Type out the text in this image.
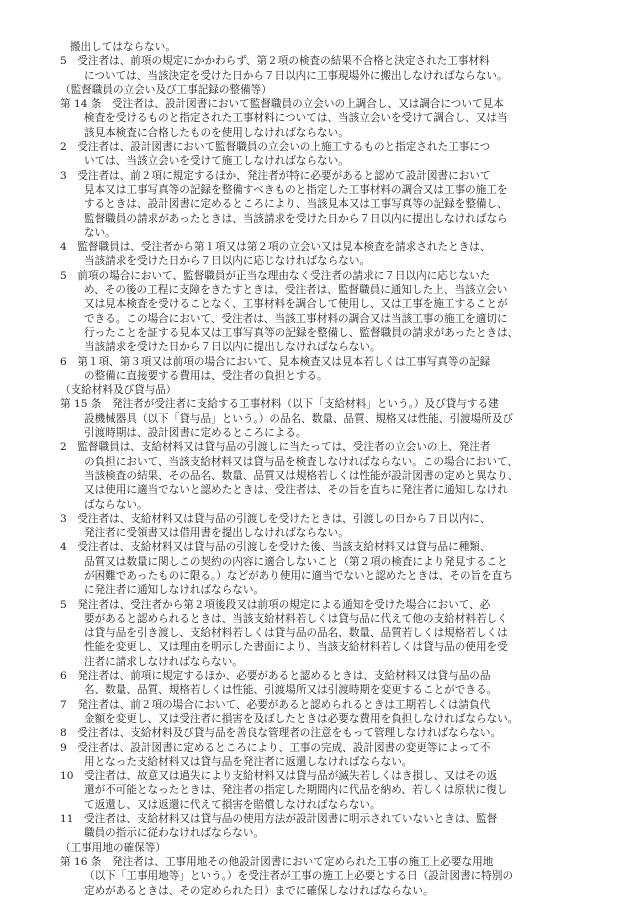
搬出してはならない。
5　受注者は、前項の規定にかかわらず、第２項の検査の結果不合格と決定された工事材料
については、当該決定を受けた日から７日以内に工事現場外に搬出しなければならない。
（監督職員の立会い及び工事記録の整備等）
第 14 条　受注者は、設計図書において監督職員の立会いの上調合し、又は調合について見本
検査を受けるものと指定された工事材料については、当該立会いを受けて調合し、又は当
該見本検査に合格したものを使用しなければならない。
2　受注者は、設計図書において監督職員の立会いの上施工するものと指定された工事につ
いては、当該立会いを受けて施工しなければならない。
3　受注者は、前２項に規定するほか、発注者が特に必要があると認めて設計図書において
見本又は工事写真等の記録を整備すべきものと指定した工事材料の調合又は工事の施工を
するときは、設計図書に定めるところにより、当該見本又は工事写真等の記録を整備し、
監督職員の請求があったときは、当該請求を受けた日から７日以内に提出しなければなら
ない。
4　監督職員は、受注者から第１項又は第２項の立会い又は見本検査を請求されたときは、
当該請求を受けた日から７日以内に応じなければならない。
5　前項の場合において、監督職員が正当な理由なく受注者の請求に７日以内に応じないた
め、その後の工程に支障をきたすときは、受注者は、監督職員に通知した上、当該立会い
又は見本検査を受けることなく、工事材料を調合して使用し、又は工事を施工することが
できる。この場合において、受注者は、当該工事材料の調合又は当該工事の施工を適切に
行ったことを証する見本又は工事写真等の記録を整備し、監督職員の請求があったときは、
当該請求を受けた日から７日以内に提出しなければならない。
6　第１項、第３項又は前項の場合において、見本検査又は見本若しくは工事写真等の記録
の整備に直接要する費用は、受注者の負担とする。
（支給材料及び貸与品）
第 15 条　発注者が受注者に支給する工事材料（以下「支給材料」という。）及び貸与する建
設機械器具（以下「貸与品」という。）の品名、数量、品質、規格又は性能、引渡場所及び
引渡時期は、設計図書に定めるところによる。
2　監督職員は、支給材料又は貸与品の引渡しに当たっては、受注者の立会いの上、発注者
の負担において、当該支給材料又は貸与品を検査しなければならない。この場合において、
当該検査の結果、その品名、数量、品質又は規格若しくは性能が設計図書の定めと異なり、
又は使用に適当でないと認めたときは、受注者は、その旨を直ちに発注者に通知しなけれ
ばならない。
3　受注者は、支給材料又は貸与品の引渡しを受けたときは、引渡しの日から７日以内に、
発注者に受領書又は借用書を提出しなければならない。
4　受注者は、支給材料又は貸与品の引渡しを受けた後、当該支給材料又は貸与品に種類、
品質又は数量に関しこの契約の内容に適合しないこと（第２項の検査により発見すること
が困難であったものに限る。）などがあり使用に適当でないと認めたときは、その旨を直ち
に発注者に通知しなければならない。
5　発注者は、受注者から第２項後段又は前項の規定による通知を受けた場合において、必
要があると認められるときは、当該支給材料若しくは貸与品に代えて他の支給材料若しく
は貸与品を引き渡し、支給材料若しくは貸与品の品名、数量、品質若しくは規格若しくは
性能を変更し、又は理由を明示した書面により、当該支給材料若しくは貸与品の使用を受
注者に請求しなければならない。
6　発注者は、前項に規定するほか、必要があると認めるときは、支給材料又は貸与品の品
名、数量、品質、規格若しくは性能、引渡場所又は引渡時期を変更することができる。
7　発注者は、前２項の場合において、必要があると認められるときは工期若しくは請負代
金額を変更し、又は受注者に損害を及ぼしたときは必要な費用を負担しなければならない。
8　受注者は、支給材料及び貸与品を善良な管理者の注意をもって管理しなければならない。
9　受注者は、設計図書に定めるところにより、工事の完成、設計図書の変更等によって不
用となった支給材料又は貸与品を発注者に返還しなければならない。
10　受注者は、故意又は過失により支給材料又は貸与品が滅失若しくはき損し、又はその返
還が不可能となったときは、発注者の指定した期間内に代品を納め、若しくは原状に復し
て返還し、又は返還に代えて損害を賠償しなければならない。
11　受注者は、支給材料又は貸与品の使用方法が設計図書に明示されていないときは、監督
職員の指示に従わなければならない。
（工事用地の確保等）
第 16 条　発注者は、工事用地その他設計図書において定められた工事の施工上必要な用地
（以下「工事用地等」という。）を受注者が工事の施工上必要とする日（設計図書に特別の
定めがあるときは、その定められた日）までに確保しなければならない。
